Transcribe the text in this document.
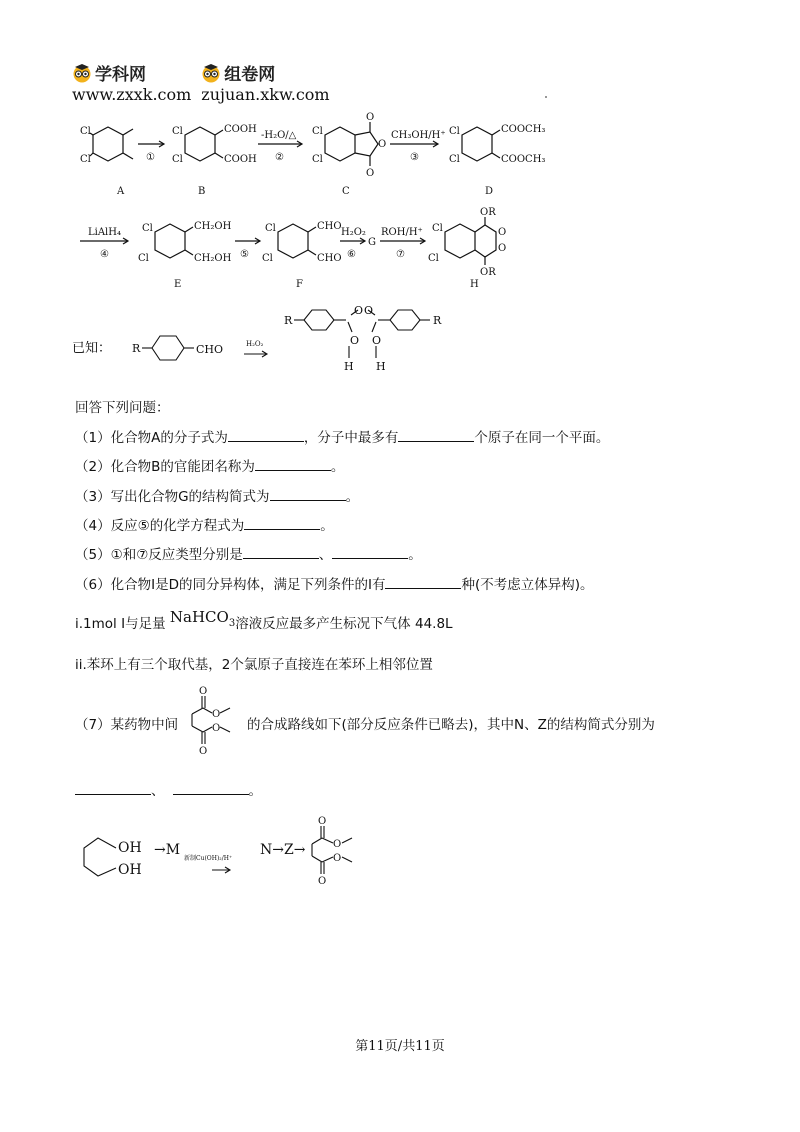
学科网
www.zxxk.com
组卷网
zujuan.xkw.com
Cl
Cl	①
Cl
Cl
COOH
COOH
-H₂O/△
②
Cl
Cl
O
O
O
CH₃OH/H⁺
③
Cl
Cl
COOCH₃
COOCH₃
A	B	C	D
LiAlH₄
④
Cl
Cl
CH₂OH
CH₂OH ⑤
Cl
Cl
CHO
CHO
H₂O₂
⑥
G
ROH/H⁺
⑦
Cl
Cl
OR
O
O
OR
E	F	H
已知： R	CHO	H₂O₂
R
O O
O O
H H
R
回答下列问题：
（1）化合物A的分子式为	，分子中最多有	个原子在同一个平面。
（2）化合物B的官能团名称为	。
（3）写出化合物G的结构简式为	。
（4）反应⑤的化学方程式为	。
（5）①和⑦反应类型分别是	、	。
（6）化合物I是D的同分异构体，满足下列条件的I有	种(不考虑立体异构)。
i.1mol I与足量 NaHCO$_3$溶液反应最多产生标况下气体 44.8L
ii.苯环上有三个取代基，2个氯原子直接连在苯环上相邻位置
（7）某药物中间
O
O
O
O
的合成路线如下(部分反应条件已略去)，其中N、Z的结构简式分别为
、	。
OH
OH
→M
新制Cu(OH)₂/H⁺
N→Z→
O
O
O
O
第11页/共11页
